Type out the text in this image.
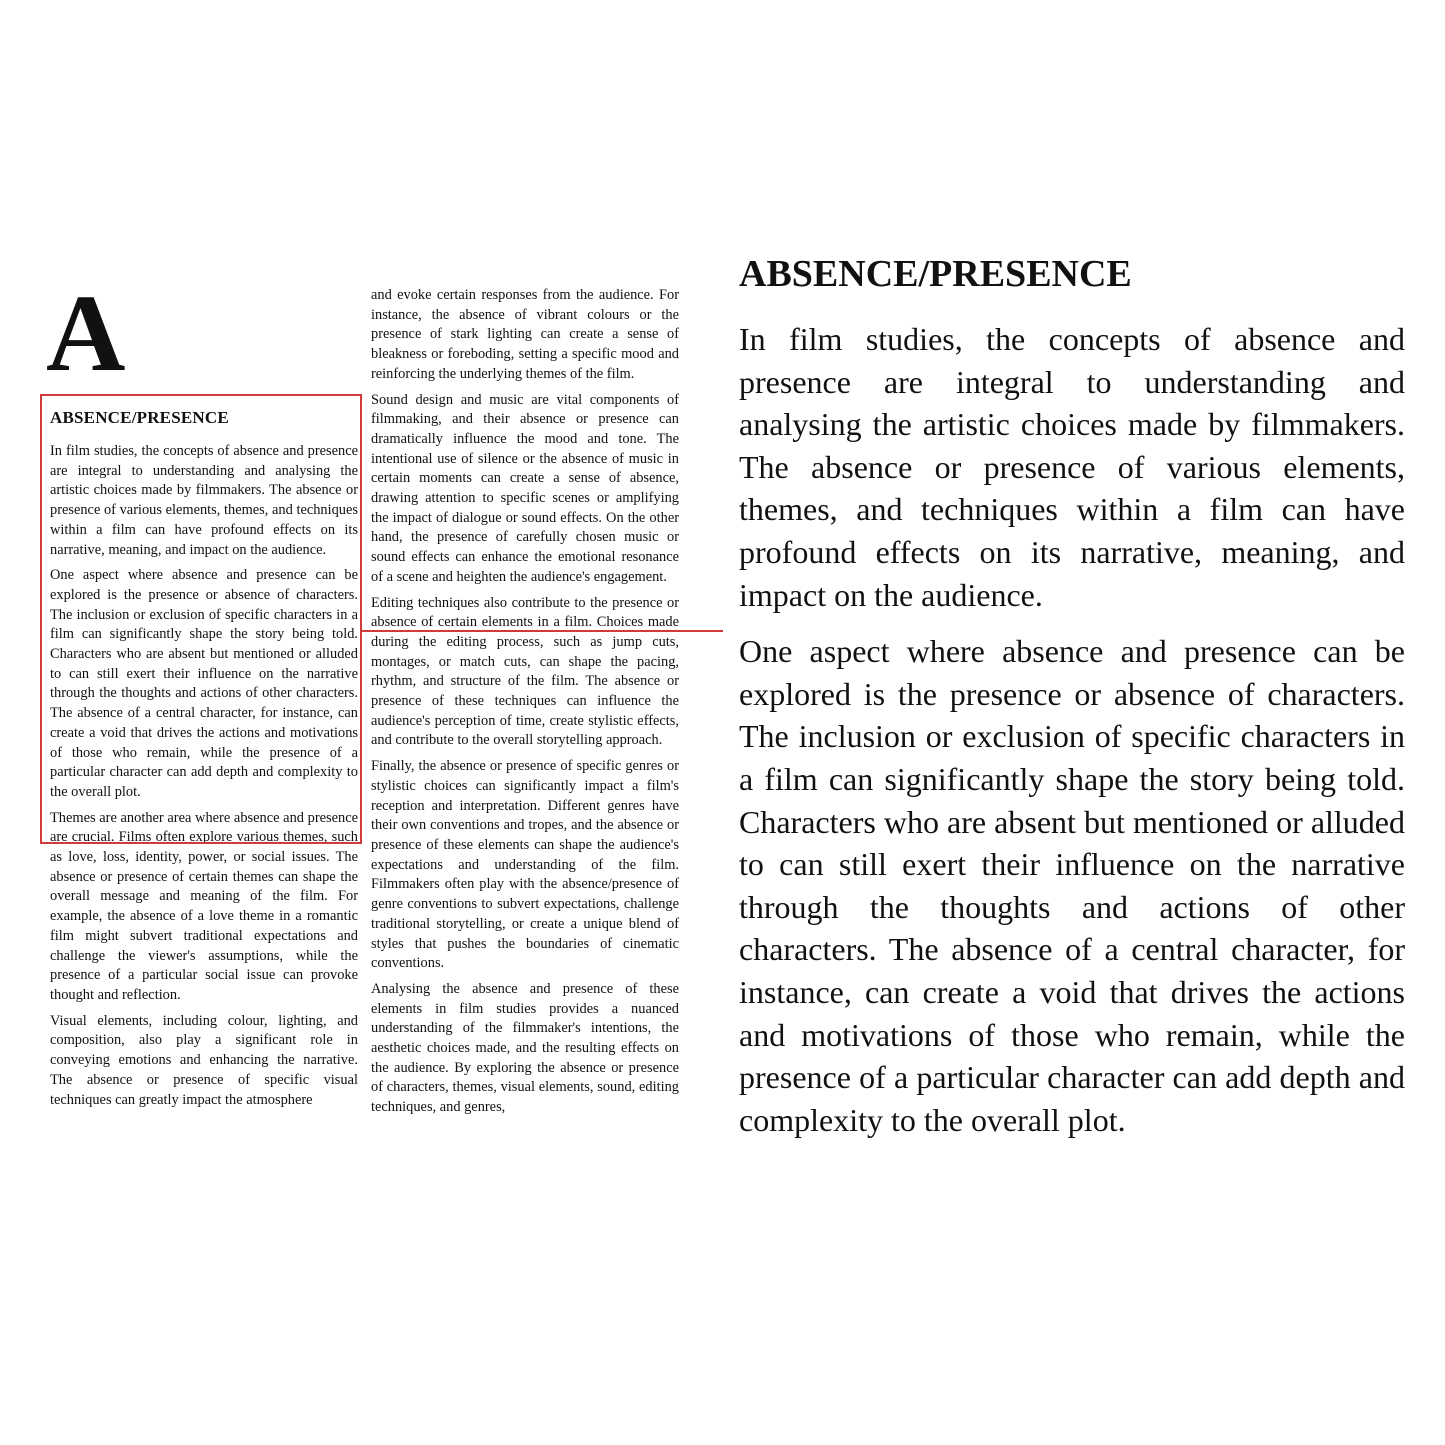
A
ABSENCE/PRESENCE

In film studies, the concepts of absence and presence are integral to understanding and analysing the artistic choices made by filmmakers. The absence or presence of various elements, themes, and techniques within a film can have profound effects on its narrative, meaning, and impact on the audience.

One aspect where absence and presence can be explored is the presence or absence of characters. The inclusion or exclusion of specific characters in a film can significantly shape the story being told. Characters who are absent but mentioned or alluded to can still exert their influence on the narrative through the thoughts and actions of other characters. The absence of a central character, for instance, can create a void that drives the actions and motivations of those who remain, while the presence of a particular character can add depth and complexity to the overall plot.

Themes are another area where absence and presence are crucial. Films often explore various themes, such as love, loss, identity, power, or social issues. The absence or presence of certain themes can shape the overall message and meaning of the film. For example, the absence of a love theme in a romantic film might subvert traditional expectations and challenge the viewer's assumptions, while the presence of a particular social issue can provoke thought and reflection.

Visual elements, including colour, lighting, and composition, also play a significant role in conveying emotions and enhancing the narrative. The absence or presence of specific visual techniques can greatly impact the atmosphere

and evoke certain responses from the audience. For instance, the absence of vibrant colours or the presence of stark lighting can create a sense of bleakness or foreboding, setting a specific mood and reinforcing the underlying themes of the film.

Sound design and music are vital components of filmmaking, and their absence or presence can dramatically influence the mood and tone. The intentional use of silence or the absence of music in certain moments can create a sense of absence, drawing attention to specific scenes or amplifying the impact of dialogue or sound effects. On the other hand, the presence of carefully chosen music or sound effects can enhance the emotional resonance of a scene and heighten the audience's engagement.

Editing techniques also contribute to the presence or absence of certain elements in a film. Choices made during the editing process, such as jump cuts, montages, or match cuts, can shape the pacing, rhythm, and structure of the film. The absence or presence of these techniques can influence the audience's perception of time, create stylistic effects, and contribute to the overall storytelling approach.

Finally, the absence or presence of specific genres or stylistic choices can significantly impact a film's reception and interpretation. Different genres have their own conventions and tropes, and the absence or presence of these elements can shape the audience's expectations and understanding of the film. Filmmakers often play with the absence/presence of genre conventions to subvert expectations, challenge traditional storytelling, or create a unique blend of styles that pushes the boundaries of cinematic conventions.

Analysing the absence and presence of these elements in film studies provides a nuanced understanding of the filmmaker's intentions, the aesthetic choices made, and the resulting effects on the audience. By exploring the absence or presence of characters, themes, visual elements, sound, editing techniques, and genres,

ABSENCE/PRESENCE

In film studies, the concepts of absence and presence are integral to understanding and analysing the artistic choices made by filmmakers. The absence or presence of various elements, themes, and techniques within a film can have profound effects on its narrative, meaning, and impact on the audience.

One aspect where absence and presence can be explored is the presence or absence of characters. The inclusion or exclusion of specific characters in a film can significantly shape the story being told. Characters who are absent but mentioned or alluded to can still exert their influence on the narrative through the thoughts and actions of other characters. The absence of a central character, for instance, can create a void that drives the actions and motivations of those who remain, while the presence of a particular character can add depth and complexity to the overall plot.
